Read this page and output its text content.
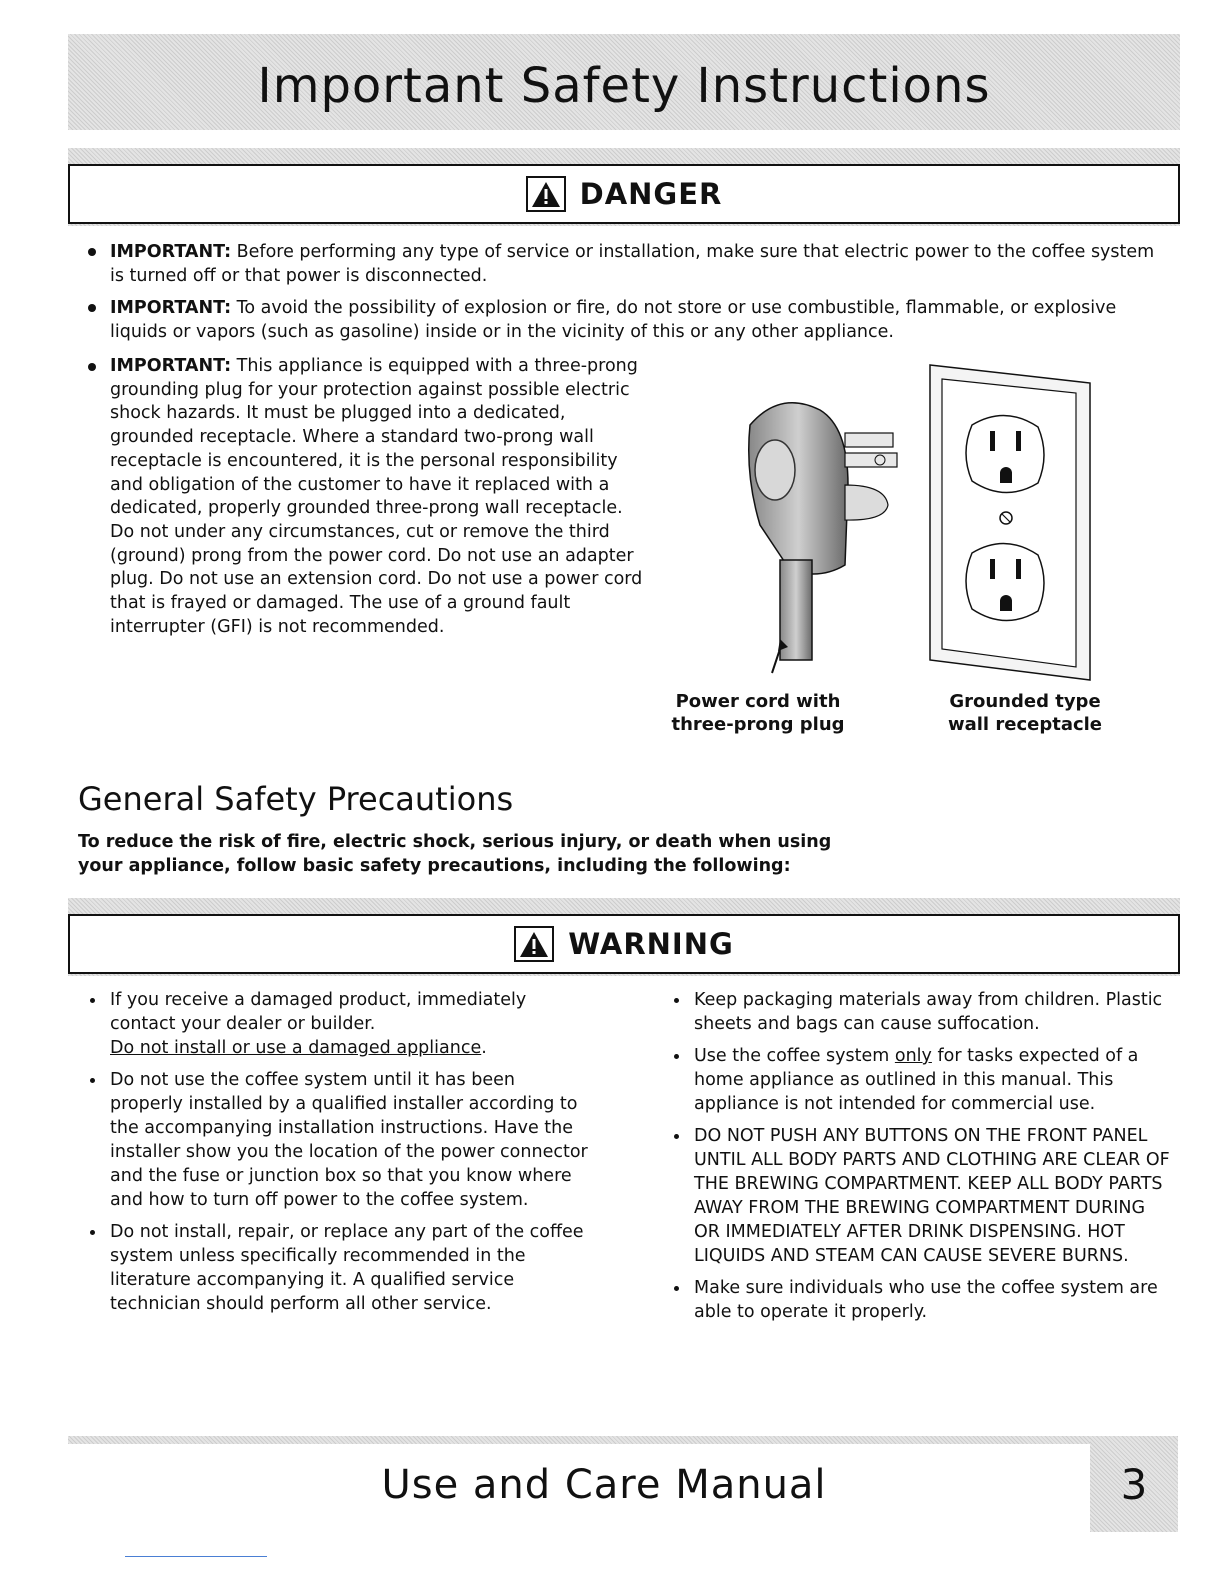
Important Safety Instructions
DANGER
IMPORTANT: Before performing any type of service or installation, make sure that electric power to the coffee system is turned off or that power is disconnected.
IMPORTANT: To avoid the possibility of explosion or fire, do not store or use combustible, flammable, or explosive liquids or vapors (such as gasoline) inside or in the vicinity of this or any other appliance.
IMPORTANT: This appliance is equipped with a three-prong grounding plug for your protection against possible electric shock hazards. It must be plugged into a dedicated, grounded receptacle. Where a standard two-prong wall receptacle is encountered, it is the personal responsibility and obligation of the customer to have it replaced with a dedicated, properly grounded three-prong wall receptacle. Do not under any circumstances, cut or remove the third (ground) prong from the power cord. Do not use an adapter plug. Do not use an extension cord. Do not use a power cord that is frayed or damaged. The use of a ground fault interrupter (GFI) is not recommended.
Power cord with
three-prong plug
Grounded type
wall receptacle
General Safety Precautions

To reduce the risk of fire, electric shock, serious injury, or death when using
your appliance, follow basic safety precautions, including the following:

WARNING
If you receive a damaged product, immediately contact your dealer or builder.
Do not install or use a damaged appliance.
Do not use the coffee system until it has been properly installed by a qualified installer according to the accompanying installation instructions. Have the installer show you the location of the power connector and the fuse or junction box so that you know where and how to turn off power to the coffee system.
Do not install, repair, or replace any part of the coffee system unless specifically recommended in the literature accompanying it. A qualified service technician should perform all other service.
Keep packaging materials away from children. Plastic sheets and bags can cause suffocation.
Use the coffee system only for tasks expected of a home appliance as outlined in this manual. This appliance is not intended for commercial use.
DO NOT PUSH ANY BUTTONS ON THE FRONT PANEL UNTIL ALL BODY PARTS AND CLOTHING ARE CLEAR OF THE BREWING COMPARTMENT. KEEP ALL BODY PARTS AWAY FROM THE BREWING COMPARTMENT DURING OR IMMEDIATELY AFTER DRINK DISPENSING. HOT LIQUIDS AND STEAM CAN CAUSE SEVERE BURNS.
Make sure individuals who use the coffee system are able to operate it properly.
Use and Care Manual	3
